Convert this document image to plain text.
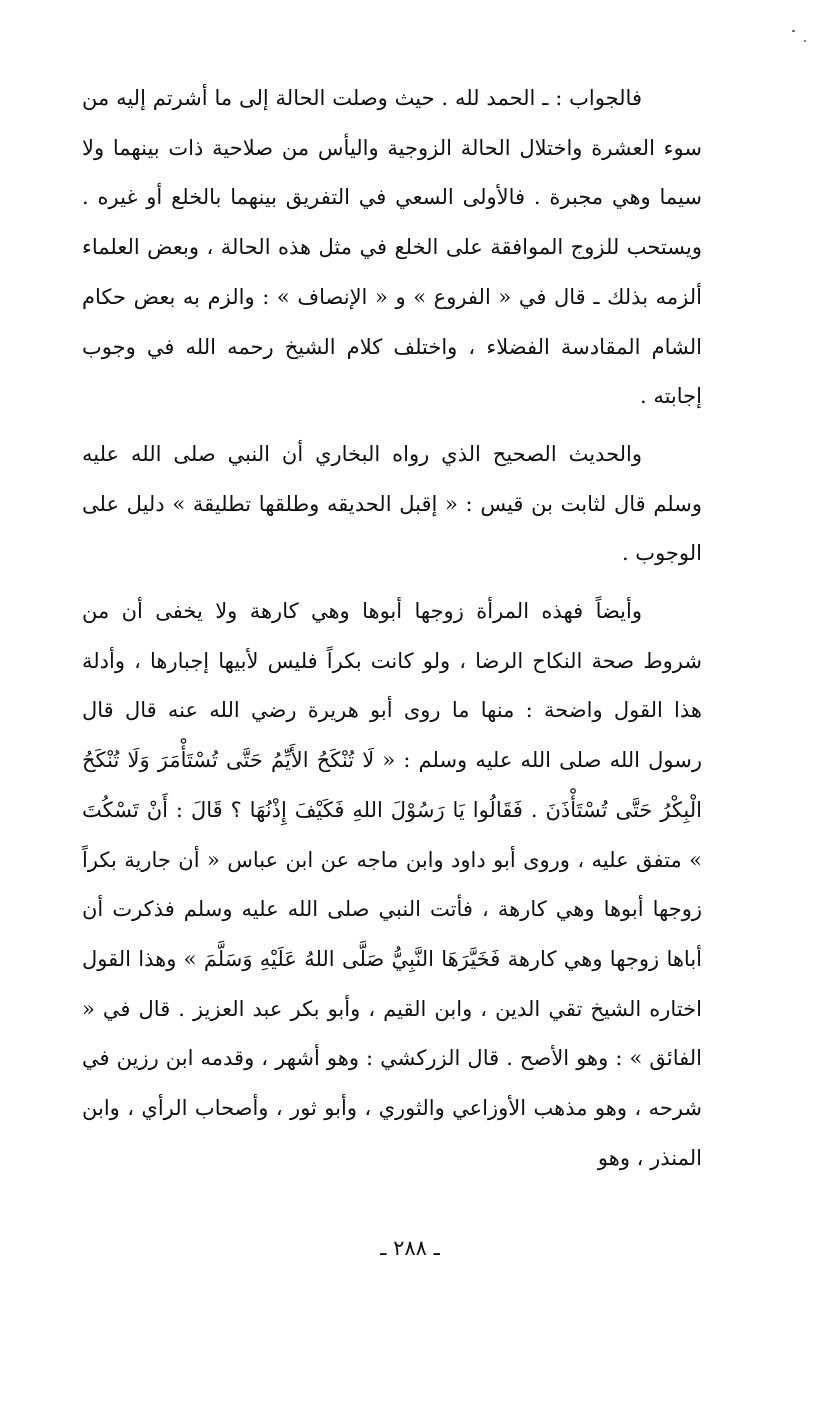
فالجواب : ـ الحمد لله . حيث وصلت الحالة إلى ما أشرتم إليه من سوء العشرة واختلال الحالة الزوجية واليأس من صلاحية ذات بينهما ولا سيما وهي مجبرة . فالأولى السعي في التفريق بينهما بالخلع أو غيره . ويستحب للزوج الموافقة على الخلع في مثل هذه الحالة ، وبعض العلماء ألزمه بذلك ـ قال في « الفروع » و « الإنصاف » : والزم به بعض حكام الشام المقادسة الفضلاء ، واختلف كلام الشيخ رحمه الله في وجوب إجابته .

والحديث الصحيح الذي رواه البخاري أن النبي صلى الله عليه وسلم قال لثابت بن قيس : « إقبل الحديقه وطلقها تطليقة » دليل على الوجوب .

وأيضاً فهذه المرأة زوجها أبوها وهي كارهة ولا يخفى أن من شروط صحة النكاح الرضا ، ولو كانت بكراً فليس لأبيها إجبارها ، وأدلة هذا القول واضحة : منها ما روى أبو هريرة رضي الله عنه قال قال رسول الله صلى الله عليه وسلم : « لَا تُنْكَحُ الأَيِّمُ حَتَّى تُسْتَأْمَرَ وَلَا تُنْكَحُ الْبِكْرُ حَتَّى تُسْتَأْذَنَ . فَقَالُوا يَا رَسُوْلَ اللهِ فَكَيْفَ إِذْنُهَا ؟ قَالَ : أَنْ تَسْكُتَ » متفق عليه ، وروى أبو داود وابن ماجه عن ابن عباس « أن جارية بكراً زوجها أبوها وهي كارهة ، فأتت النبي صلى الله عليه وسلم فذكرت أن أباها زوجها وهي كارهة فَخَيَّرَهَا النَّبِيُّ صَلَّى اللهُ عَلَيْهِ وَسَلَّمَ » وهذا القول اختاره الشيخ تقي الدين ، وابن القيم ، وأبو بكر عبد العزيز . قال في « الفائق » : وهو الأصح . قال الزركشي : وهو أشهر ، وقدمه ابن رزين في شرحه ، وهو مذهب الأوزاعي والثوري ، وأبو ثور ، وأصحاب الرأي ، وابن المنذر ، وهو

ـ ٢٨٨ ـ
